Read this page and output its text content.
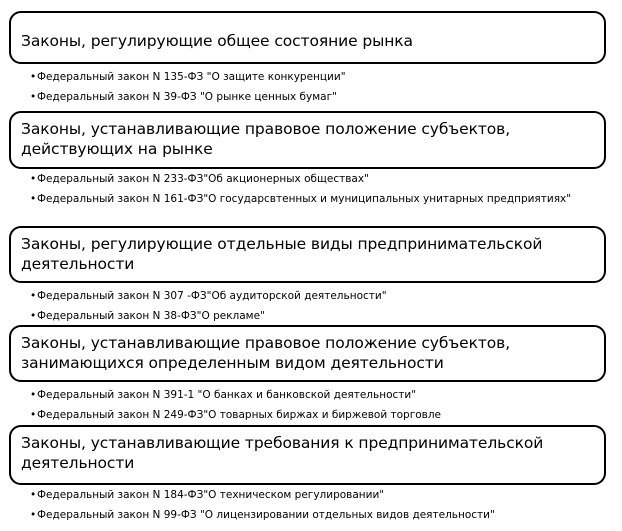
Законы, регулирующие общее состояние рынка
• Федеральный закон N 135-ФЗ "О защите конкуренции"
• Федеральный закон N 39-ФЗ "О рынке ценных бумаг"
Законы, устанавливающие правовое положение субъектов, действующих на рынке
• Федеральный закон N 233-ФЗ"Об акционерных обществах"
• Федеральный закон N 161-ФЗ"О государсвтенных и муниципальных унитарных предприятиях"
Законы, регулирующие отдельные виды предпринимательской деятельности
• Федеральный закон N 307 -ФЗ"Об аудиторской деятельности"
• Федеральный закон N 38-ФЗ"О рекламе"
Законы, устанавливающие правовое положение субъектов, занимающихся определенным видом деятельности
• Федеральный закон N 391-1 "О банках и банковской деятельности"
• Федеральный закон N 249-ФЗ"О товарных биржах и биржевой торговле
Законы, устанавливающие требования к предпринимательской деятельности
• Федеральный закон N 184-ФЗ"О техническом регулировании"
• Федеральный закон N 99-ФЗ "О лицензировании отдельных видов деятельности"
